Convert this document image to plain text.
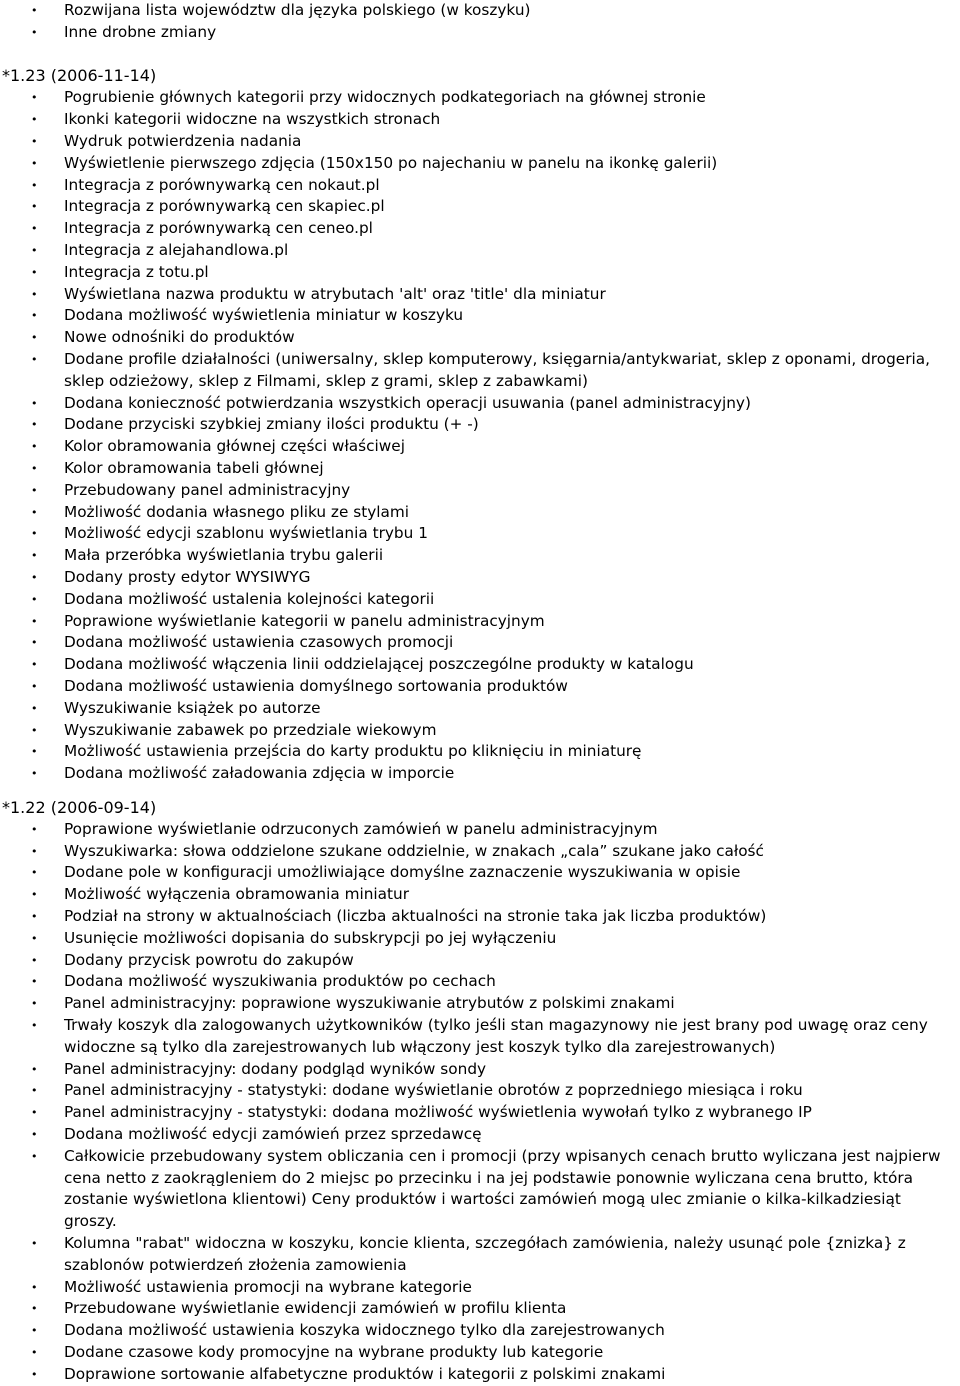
• Rozwijana lista województw dla języka polskiego (w koszyku)
• Inne drobne zmiany
*1.23 (2006-11-14)
• Pogrubienie głównych kategorii przy widocznych podkategoriach na głównej stronie
• Ikonki kategorii widoczne na wszystkich stronach
• Wydruk potwierdzenia nadania
• Wyświetlenie pierwszego zdjęcia (150x150 po najechaniu w panelu na ikonkę galerii)
• Integracja z porównywarką cen nokaut.pl
• Integracja z porównywarką cen skapiec.pl
• Integracja z porównywarką cen ceneo.pl
• Integracja z alejahandlowa.pl
• Integracja z totu.pl
• Wyświetlana nazwa produktu w atrybutach 'alt' oraz 'title' dla miniatur
• Dodana możliwość wyświetlenia miniatur w koszyku
• Nowe odnośniki do produktów
• Dodane profile działalności (uniwersalny, sklep komputerowy, księgarnia/antykwariat, sklep z oponami, drogeria, sklep odzieżowy, sklep z Filmami, sklep z grami, sklep z zabawkami)
• Dodana konieczność potwierdzania wszystkich operacji usuwania (panel administracyjny)
• Dodane przyciski szybkiej zmiany ilości produktu (+ -)
• Kolor obramowania głównej części właściwej
• Kolor obramowania tabeli głównej
• Przebudowany panel administracyjny
• Możliwość dodania własnego pliku ze stylami
• Możliwość edycji szablonu wyświetlania trybu 1
• Mała przeróbka wyświetlania trybu galerii
• Dodany prosty edytor WYSIWYG
• Dodana możliwość ustalenia kolejności kategorii
• Poprawione wyświetlanie kategorii w panelu administracyjnym
• Dodana możliwość ustawienia czasowych promocji
• Dodana możliwość włączenia linii oddzielającej poszczególne produkty w katalogu
• Dodana możliwość ustawienia domyślnego sortowania produktów
• Wyszukiwanie książek po autorze
• Wyszukiwanie zabawek po przedziale wiekowym
• Możliwość ustawienia przejścia do karty produktu po kliknięciu in miniaturę
• Dodana możliwość załadowania zdjęcia w imporcie
*1.22 (2006-09-14)
• Poprawione wyświetlanie odrzuconych zamówień w panelu administracyjnym
• Wyszukiwarka: słowa oddzielone szukane oddzielnie, w znakach „cala” szukane jako całość
• Dodane pole w konfiguracji umożliwiające domyślne zaznaczenie wyszukiwania w opisie
• Możliwość wyłączenia obramowania miniatur
• Podział na strony w aktualnościach (liczba aktualności na stronie taka jak liczba produktów)
• Usunięcie możliwości dopisania do subskrypcji po jej wyłączeniu
• Dodany przycisk powrotu do zakupów
• Dodana możliwość wyszukiwania produktów po cechach
• Panel administracyjny: poprawione wyszukiwanie atrybutów z polskimi znakami
• Trwały koszyk dla zalogowanych użytkowników (tylko jeśli stan magazynowy nie jest brany pod uwagę oraz ceny widoczne są tylko dla zarejestrowanych lub włączony jest koszyk tylko dla zarejestrowanych)
• Panel administracyjny: dodany podgląd wyników sondy
• Panel administracyjny - statystyki: dodane wyświetlanie obrotów z poprzedniego miesiąca i roku
• Panel administracyjny - statystyki: dodana możliwość wyświetlenia wywołań tylko z wybranego IP
• Dodana możliwość edycji zamówień przez sprzedawcę
• Całkowicie przebudowany system obliczania cen i promocji (przy wpisanych cenach brutto wyliczana jest najpierw cena netto z zaokrągleniem do 2 miejsc po przecinku i na jej podstawie ponownie wyliczana cena brutto, która zostanie wyświetlona klientowi) Ceny produktów i wartości zamówień mogą ulec zmianie o kilka-kilkadziesiąt groszy.
• Kolumna "rabat" widoczna w koszyku, koncie klienta, szczegółach zamówienia, należy usunąć pole {znizka} z szablonów potwierdzeń złożenia zamowienia
• Możliwość ustawienia promocji na wybrane kategorie
• Przebudowane wyświetlanie ewidencji zamówień w profilu klienta
• Dodana możliwość ustawienia koszyka widocznego tylko dla zarejestrowanych
• Dodane czasowe kody promocyjne na wybrane produkty lub kategorie
• Dopraw﻿ione sortowanie alfabetyczne produktów i kategorii z polskimi znakami
